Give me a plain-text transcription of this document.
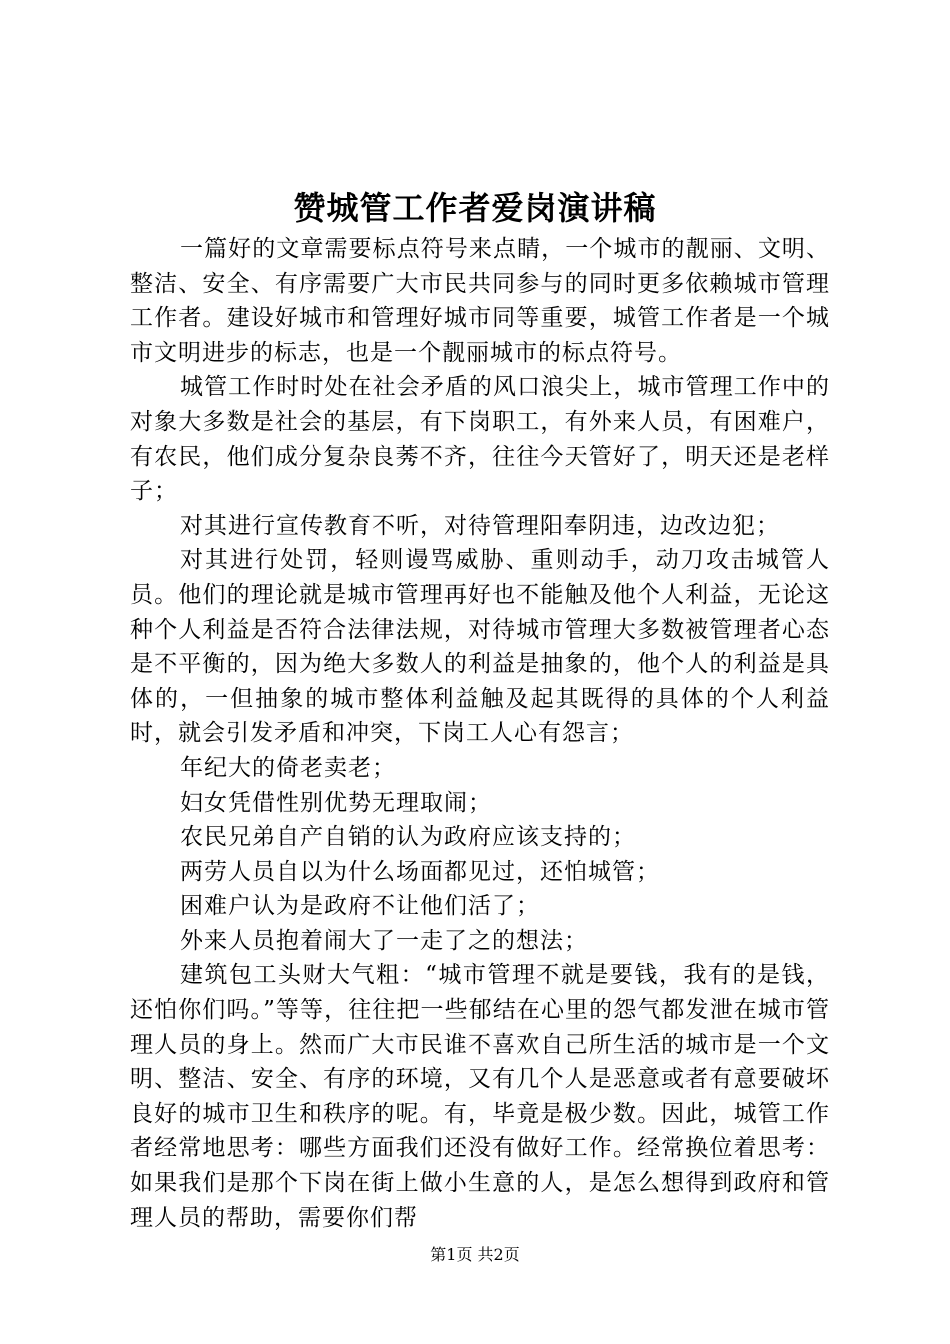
赞城管工作者爱岗演讲稿

一篇好的文章需要标点符号来点睛，一个城市的靓丽、文明、整洁、安全、有序需要广大市民共同参与的同时更多依赖城市管理工作者。建设好城市和管理好城市同等重要，城管工作者是一个城市文明进步的标志，也是一个靓丽城市的标点符号。

城管工作时时处在社会矛盾的风口浪尖上，城市管理工作中的对象大多数是社会的基层，有下岗职工，有外来人员，有困难户，有农民，他们成分复杂良莠不齐，往往今天管好了，明天还是老样子；

对其进行宣传教育不听，对待管理阳奉阴违，边改边犯；

对其进行处罚，轻则谩骂威胁、重则动手，动刀攻击城管人员。他们的理论就是城市管理再好也不能触及他个人利益，无论这种个人利益是否符合法律法规，对待城市管理大多数被管理者心态是不平衡的，因为绝大多数人的利益是抽象的，他个人的利益是具体的，一但抽象的城市整体利益触及起其既得的具体的个人利益时，就会引发矛盾和冲突，下岗工人心有怨言；

年纪大的倚老卖老；

妇女凭借性别优势无理取闹；

农民兄弟自产自销的认为政府应该支持的；

两劳人员自以为什么场面都见过，还怕城管；

困难户认为是政府不让他们活了；

外来人员抱着闹大了一走了之的想法；

建筑包工头财大气粗：“城市管理不就是要钱，我有的是钱，还怕你们吗。”等等，往往把一些郁结在心里的怨气都发泄在城市管理人员的身上。然而广大市民谁不喜欢自己所生活的城市是一个文明、整洁、安全、有序的环境，又有几个人是恶意或者有意要破坏良好的城市卫生和秩序的呢。有，毕竟是极少数。因此，城管工作者经常地思考：哪些方面我们还没有做好工作。经常换位着思考：如果我们是那个下岗在街上做小生意的人，是怎么想得到政府和管理人员的帮助，需要你们帮

第1页 共2页
